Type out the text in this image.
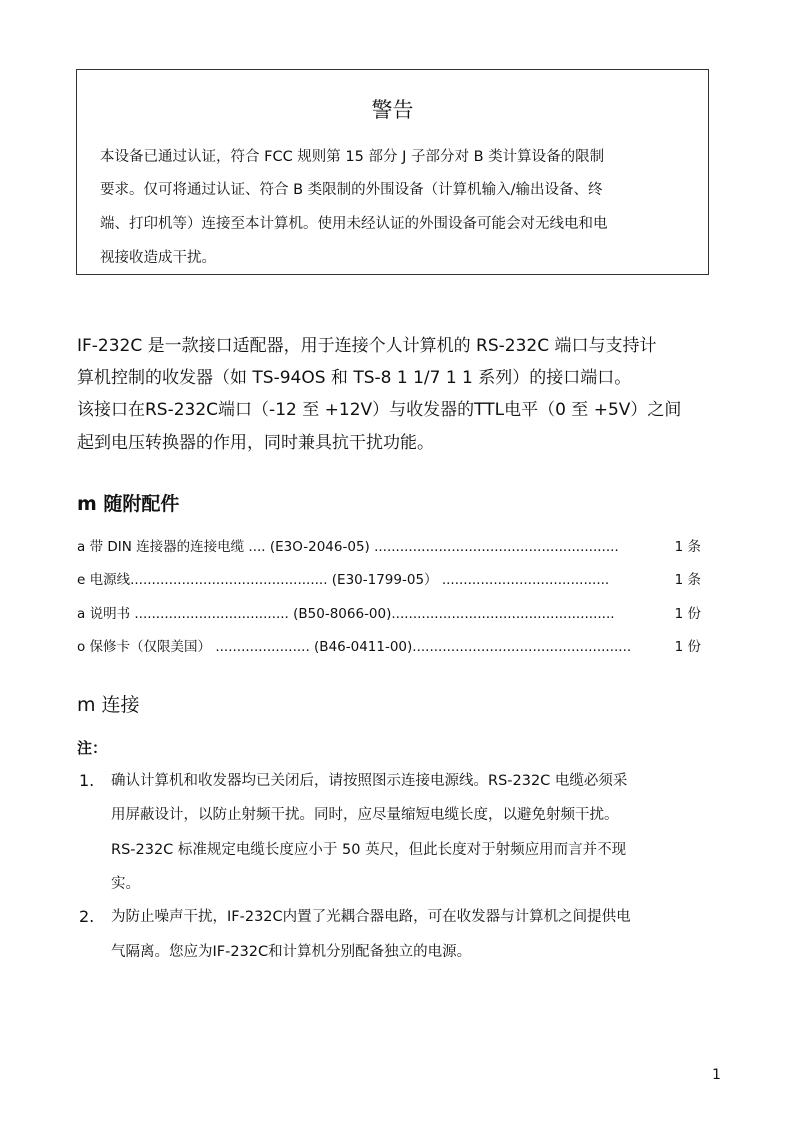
警告
本设备已通过认证，符合 FCC 规则第 15 部分 J 子部分对 B 类计算设备的限制
要求。仅可将通过认证、符合 B 类限制的外围设备（计算机输入/输出设备、终
端、打印机等）连接至本计算机。使用未经认证的外围设备可能会对无线电和电
视接收造成干扰。
IF-232C 是一款接口适配器，用于连接个人计算机的 RS-232C 端口与支持计
算机控制的收发器（如 TS-94OS 和 TS-8 1 1/7 1 1 系列）的接口端口。
该接口在RS-232C端口（-12 至 +12V）与收发器的TTL电平（0 至 +5V）之间
起到电压转换器的作用，同时兼具抗干扰功能。
m 随附配件
a 带 DIN 连接器的连接电缆 .... (E3O-2046-05) .........................................................	1 条
e 电源线.............................................. (E30-1799-05） .......................................	1 条
a 说明书 .................................... (B50-8066-00)....................................................	1 份
o 保修卡（仅限美国） ...................... (B46-0411-00)...................................................	1 份
m 连接
注：
1. 确认计算机和收发器均已关闭后，请按照图示连接电源线。RS-232C 电缆必须采
用屏蔽设计，以防止射频干扰。同时，应尽量缩短电缆长度，以避免射频干扰。
RS-232C 标准规定电缆长度应小于 50 英尺，但此长度对于射频应用而言并不现
实。
2. 为防止噪声干扰，IF-232C内置了光耦合器电路，可在收发器与计算机之间提供电
气隔离。您应为IF-232C和计算机分别配备独立的电源。
1
